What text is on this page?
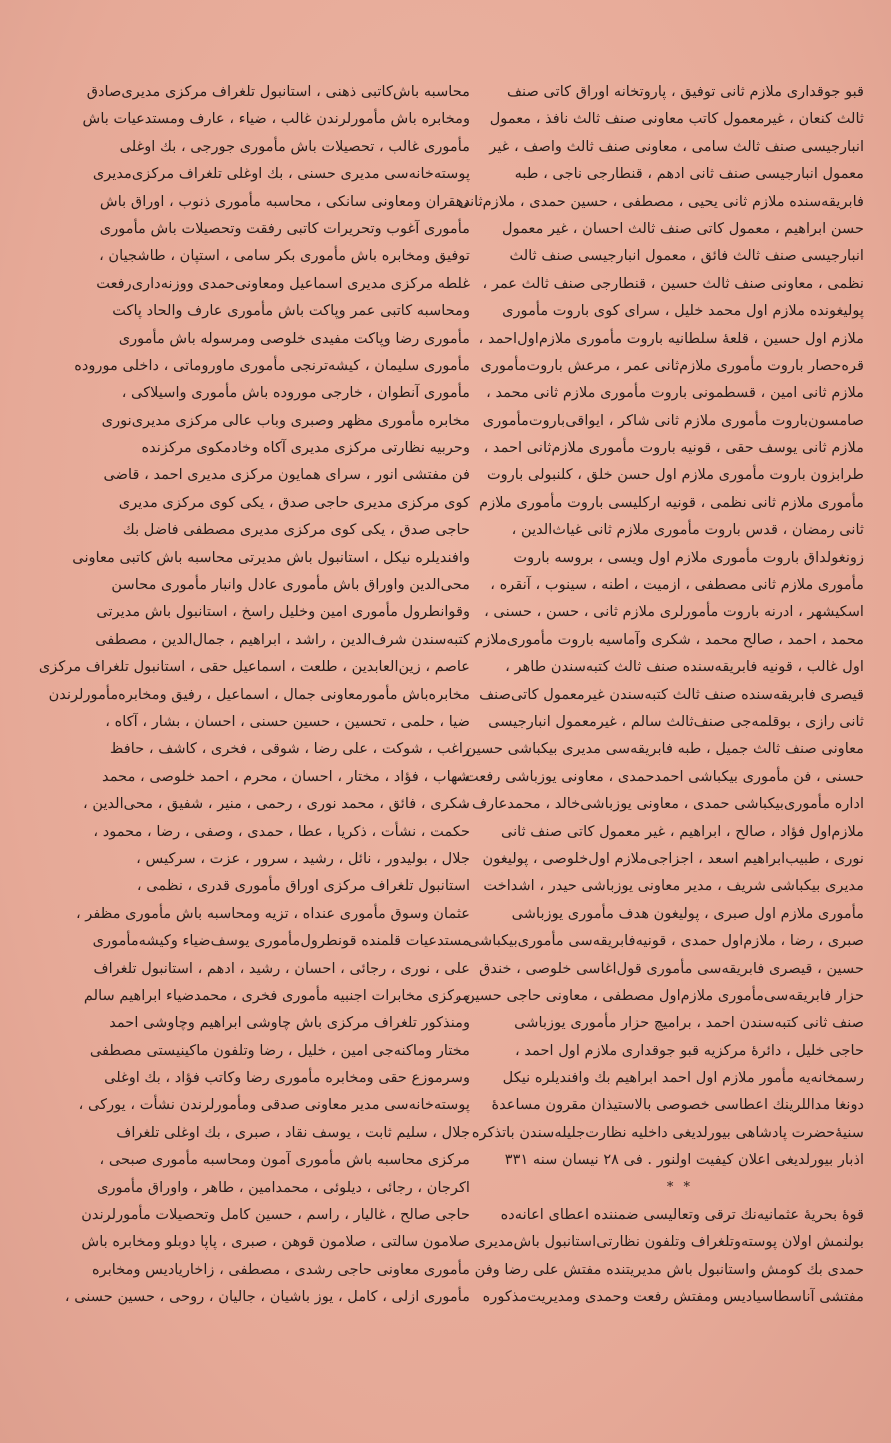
قبو جوقداری ملازم ثانی توفیق ، پاروتخانه اوراق کاتی صنف
ثالث کنعان ، غیرمعمول کاتب معاونی صنف ثالث نافذ ، معمول
انبارجیسی صنف ثالث سامی ، معاونی صنف ثالث واصف ، غیر
معمول انبارجیسی صنف ثانی ادهم ، قنطارجی ناجی ، طبه
فابریقه‌سنده ملازم ثانی یحیی ، مصطفی ، حسین حمدی ، ملازم‌ثانی
حسن ابراهیم ، معمول کاتی صنف ثالث احسان ، غیر معمول
انبارجیسی صنف ثالث فائق ، معمول انبارجیسی صنف ثالث
نظمی ، معاونی صنف ثالث حسین ، قنطارجی صنف ثالث عمر ،
پولیغونده ملازم اول محمد خلیل ، سرای کوی باروت مأموری
ملازم اول حسین ، قلعهٔ سلطانیه باروت مأموری ملازم‌اول‌احمد ،
قره‌حصار باروت مأموری ملازم‌ثانی عمر ، مرعش باروت‌مأموری
ملازم ثانی امین ، قسطمونی باروت مأموری ملازم ثانی محمد ،
صامسون‌باروت مأموری ملازم ثانی شاکر ، ایواقی‌باروت‌مأموری
ملازم ثانی یوسف حقی ، قونیه باروت مأموری ملازم‌ثانی احمد ،
طرابزون باروت مأموری ملازم اول حسن خلق ، کلنبولی باروت
مأموری ملازم ثانی نظمی ، قونیه ارکلیسی باروت مأموری ملازم
ثانی رمضان ، قدس باروت مأموری ملازم ثانی غیاث‌الدین ،
زونغولداق باروت مأموری ملازم اول ویسی ، بروسه باروت
مأموری ملازم ثانی مصطفی ، ازمیت ، اطنه ، سینوب ، آنقره ،
اسکیشهر ، ادرنه باروت مأمورلری ملازم ثانی ، حسن ، حسنی ،
محمد ، احمد ، صالح محمد ، شکری وآماسیه باروت مأموری‌ملازم
اول غالب ، قونیه فابریقه‌سنده صنف ثالث کتبه‌سندن طاهر ،
قیصری فابریقه‌سنده صنف ثالث کتبه‌سندن غیرمعمول کاتی‌صنف
ثانی رازی ، بوقلمه‌جی صنف‌ثالث سالم ، غیرمعمول انبارجیسی
معاونی صنف ثالث جمیل ، طبه فابریقه‌سی مدیری بیکباشی حسین
حسنی ، فن مأموری بیکباشی احمدحمدی ، معاونی یوزباشی رفعت ،
اداره مأموری‌بیکباشی حمدی ، معاونی یوزباشی‌خالد ، محمدعارف ،
ملازم‌اول فؤاد ، صالح ، ابراهیم ، غیر معمول کاتی صنف ثانی
نوری ، طبیب‌ابراهیم اسعد ، اجزاجی‌ملازم اول‌خلوصی ، پولیغون
مدیری بیکباشی شریف ، مدیر معاونی یوزباشی حیدر ، اشداخت
مأموری ملازم اول صبری ، پولیغون هدف مأموری یوزباشی
صبری ، رضا ، ملازم‌اول حمدی ، قونیه‌فابریقه‌سی مأموری‌بیکباشی
حسین ، قیصری فابریقه‌سی مأموری قول‌اغاسی خلوصی ، خندق
حزار فابریقه‌سی‌مأموری ملازم‌اول مصطفی ، معاونی حاجی حسین ،
صنف ثانی کتبه‌سندن احمد ، برامیچ حزار مأموری یوزباشی
حاجی خلیل ، دائرهٔ مرکزیه قبو جوقداری ملازم اول احمد ،
رسمخانه‌یه مأمور ملازم اول احمد ابراهیم بك وافندیلره نیکل
دونغا مداللرینك اعطاسی خصوصی بالاستیذان مقرون مساعدهٔ
سنیهٔ‌حضرت پادشاهی بیورلدیغی داخلیه نظارت‌جلیله‌سندن باتذکره
اذبار بیورلدیغی اعلان کیفیت اولنور . فی ۲۸ نیسان سنه ۳۳۱
* *
قوهٔ بحریهٔ عثمانیه‌نك ترقی وتعالیسی ضمننده اعطای اعانه‌ده
بولنمش اولان پوسته‌وتلغراف وتلفون نظارتی‌استانبول باش‌مدیری
حمدی بك کومش واستانبول باش مدیریتنده مفتش علی رضا وفن
مفتشی آناسطاسیادیس ومفتش رفعت وحمدی ومدیریت‌مذکوره
محاسبه باش‌کاتبی ذهنی ، استانبول تلغراف مرکزی مدیری‌صادق
ومخابره باش مأمورلرندن غالب ، ضیاء ، عارف ومستدعیات باش
مأموری غالب ، تحصیلات باش مأموری جورجی ، بك اوغلی
پوسته‌خانه‌سی مدیری حسنی ، بك اوغلی تلغراف مرکزی‌مدیری
دهقران ومعاونی سانکی ، محاسبه مأموری ذنوب ، اوراق باش
مأموری آغوب وتحریرات کاتبی رفقت وتحصیلات باش مأموری
توفیق ومخابره باش مأموری بکر سامی ، استپان ، طاشجیان ،
غلطه مرکزی مدیری اسماعیل ومعاونی‌حمدی ووزنه‌داری‌رفعت
ومحاسبه کاتبی عمر وپاکت باش مأموری عارف والحاد پاکت
مأموری رضا وپاکت مفیدی خلوصی ومرسوله باش مأموری
مأموری سلیمان ، کیشه‌ترنجی مأموری ماوروماتی ، داخلی موروده
مأموری آنطوان ، خارجی موروده باش مأموری واسیلاکی ،
مخابره مأموری مظهر وصبری وباب عالی مرکزی مدیری‌نوری
وحربیه نظارتی مرکزی مدیری آکاه وخادمکوی مرکزنده
فن مفتشی انور ، سرای همایون مرکزی مدیری احمد ، قاضی
کوی مرکزی مدیری حاجی صدق ، یکی کوی مرکزی مدیری
حاجی صدق ، یکی کوی مرکزی مدیری مصطفی فاضل بك
وافندیلره نیکل ، استانبول باش مدیرتی محاسبه باش کاتبی معاونی
محی‌الدین واوراق باش مأموری عادل وانبار مأموری محاسن
وقوانطرول مأموری امین وخلیل راسخ ، استانبول باش مدیرتی
کتبه‌سندن شرف‌الدین ، راشد ، ابراهیم ، جمال‌الدین ، مصطفی
عاصم ، زین‌العابدین ، طلعت ، اسماعیل حقی ، استانبول تلغراف مرکزی
مخابره‌باش مأمورمعاونی جمال ، اسماعیل ، رفیق ومخابره‌مأمورلرندن
ضیا ، حلمی ، تحسین ، حسین حسنی ، احسان ، بشار ، آکاه ،
راغب ، شوکت ، علی رضا ، شوقی ، فخری ، کاشف ، حافظ
شهاب ، فؤاد ، مختار ، احسان ، محرم ، احمد خلوصی ، محمد
شکری ، فائق ، محمد نوری ، رحمی ، منیر ، شفیق ، محی‌الدین ،
حکمت ، نشأت ، ذکریا ، عطا ، حمدی ، وصفی ، رضا ، محمود ،
جلال ، بولیدور ، نائل ، رشید ، سرور ، عزت ، سرکیس ،
استانبول تلغراف مرکزی اوراق مأموری قدری ، نظمی ،
عثمان وسوق مأموری عنداه ، تزیه ومحاسبه باش مأموری مظفر ،
مستدعیات قلمنده قونطرول‌مأموری یوسف‌ضیاء وکیشه‌مأموری
علی ، نوری ، رجائی ، احسان ، رشید ، ادهم ، استانبول تلغراف
مرکزی مخابرات اجنبیه مأموری فخری ، محمدضیاء ابراهیم سالم
ومنذکور تلغراف مرکزی باش چاوشی ابراهیم وچاوشی احمد
مختار وماکنه‌جی امین ، خلیل ، رضا وتلفون ماکینیستی مصطفی
وسرموزع حقی ومخابره مأموری رضا وکاتب فؤاد ، بك اوغلی
پوسته‌خانه‌سی مدیر معاونی صدقی ومأمورلرندن نشأت ، یورکی ،
جلال ، سلیم ثابت ، یوسف نقاد ، صبری ، بك اوغلی تلغراف
مرکزی محاسبه باش مأموری آمون ومحاسبه مأموری صبحی ،
اکرجان ، رجائی ، دیلوئی ، محمدامین ، طاهر ، واوراق مأموری
حاجی صالح ، غالیار ، راسم ، حسین کامل وتحصیلات مأمورلرندن
صلامون سالتی ، صلامون قوهن ، صبری ، پاپا دوبلو ومخابره باش
مأموری معاونی حاجی رشدی ، مصطفی ، زاخاریادیس ومخابره
مأموری ازلی ، کامل ، یوز باشیان ، جالیان ، روحی ، حسین حسنی ،
